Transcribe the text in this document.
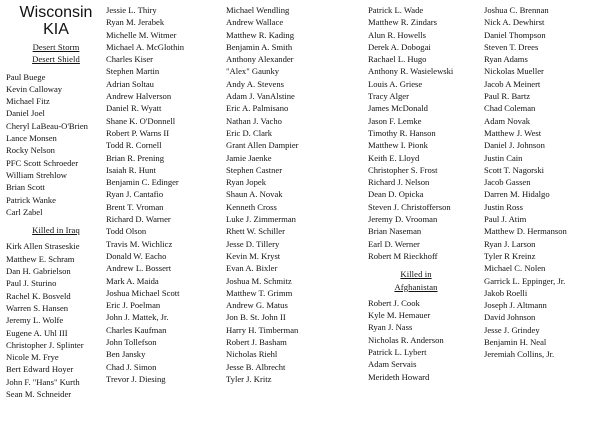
Wisconsin
KIA
Desert Storm
Desert Shield
Paul Buege
Kevin Calloway
Michael Fitz
Daniel Joel
Cheryl LaBeau-O'Brien
Lance Monsen
Rocky Nelson
PFC Scott Schroeder
William Strehlow
Brian Scott
Patrick Wanke
Carl Zabel
Killed in Iraq
Kirk Allen Straseskie
Matthew E. Schram
Dan H. Gabrielson
Paul J. Sturino
Rachel K. Bosveld
Warren S. Hansen
Jeremy L. Wolfe
Eugene A. Uhl III
Christopher J. Splinter
Nicole M. Frye
Bert Edward Hoyer
John F. "Hans" Kurth
Sean M. Schneider
Jessie L. Thiry
Ryan M. Jerabek
Michelle M. Witmer
Michael A. McGlothin
Charles Kiser
Stephen Martin
Adrian Soltau
Andrew Halverson
Daniel R. Wyatt
Shane K. O'Donnell
Robert P. Warns II
Todd R. Cornell
Brian R. Prening
Isaiah R. Hunt
Benjamin C. Edinger
Ryan J. Cantafio
Brent T. Vroman
Richard D. Warner
Todd Olson
Travis M. Wichlicz
Donald W. Eacho
Andrew L. Bossert
Mark A. Maida
Joshua Michael Scott
Eric J. Poelman
John J. Mattek, Jr.
Charles Kaufman
John Tollefson
Ben Jansky
Chad J. Simon
Trevor J. Diesing
Michael Wendling
Andrew Wallace
Matthew R. Kading
Benjamin A. Smith
Anthony Alexander
"Alex" Gaunky
Andy A. Stevens
Adam J. VanAlstine
Eric A. Palmisano
Nathan J. Vacho
Eric D. Clark
Grant Allen Dampier
Jamie Jaenke
Stephen Castner
Ryan Jopek
Shaun A. Novak
Kenneth Cross
Luke J. Zimmerman
Rhett W. Schiller
Jesse D. Tillery
Kevin M. Kryst
Evan A. Bixler
Joshua M. Schmitz
Matthew T. Grimm
Andrew G. Matus
Jon B. St. John II
Harry H. Timberman
Robert J. Basham
Nicholas Riehl
Jesse B. Albrecht
Tyler J. Kritz
Patrick L. Wade
Matthew R. Zindars
Alun R. Howells
Derek A. Dobogai
Rachael L. Hugo
Anthony R. Wasielewski
Louis A. Griese
Tracy Alger
James McDonald
Jason F. Lemke
Timothy R. Hanson
Matthew I. Pionk
Keith E. Lloyd
Christopher S. Frost
Richard J. Nelson
Dean D. Opicka
Steven J. Christofferson
Jeremy D. Vrooman
Brian Naseman
Earl D. Werner
Robert M Rieckhoff
Killed in
Afghanistan
Robert J. Cook
Kyle M. Hemauer
Ryan J. Nass
Nicholas R. Anderson
Patrick L. Lybert
Adam Servais
Merideth Howard
Joshua C. Brennan
Nick A. Dewhirst
Daniel Thompson
Steven T. Drees
Ryan Adams
Nickolas Mueller
Jacob A Meinert
Paul R. Bartz
Chad Coleman
Adam Novak
Matthew J. West
Daniel J. Johnson
Justin Cain
Scott T. Nagorski
Jacob Gassen
Darren M. Hidalgo
Justin Ross
Paul J. Atim
Matthew D. Hermanson
Ryan J. Larson
Tyler R Kreinz
Michael C. Nolen
Garrick L. Eppinger, Jr.
Jakob Roelli
Joseph J. Altmann
David Johnson
Jesse J. Grindey
Benjamin H. Neal
Jeremiah Collins, Jr.
